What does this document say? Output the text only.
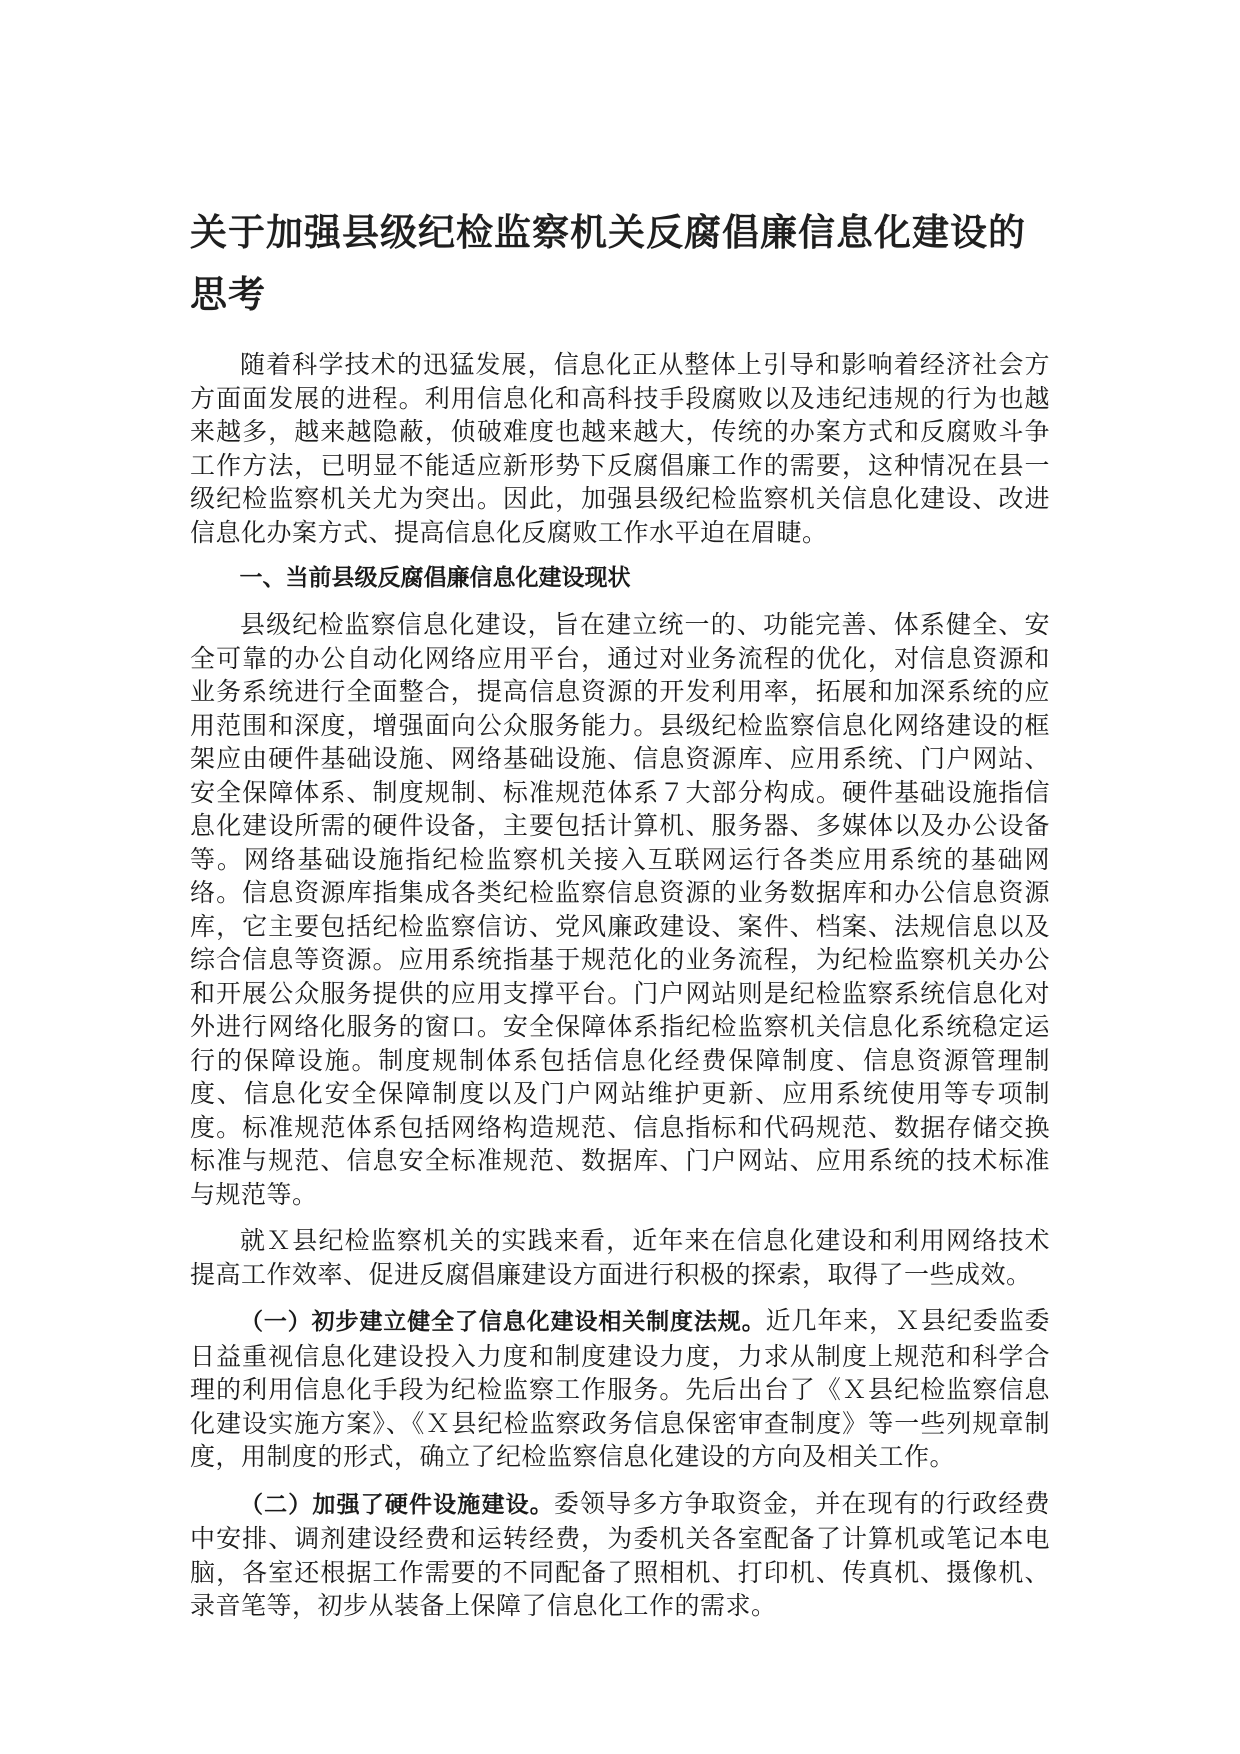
关于加强县级纪检监察机关反腐倡廉信息化建设的思考

随着科学技术的迅猛发展，信息化正从整体上引导和影响着经济社会方方面面发展的进程。利用信息化和高科技手段腐败以及违纪违规的行为也越来越多，越来越隐蔽，侦破难度也越来越大，传统的办案方式和反腐败斗争工作方法，已明显不能适应新形势下反腐倡廉工作的需要，这种情况在县一级纪检监察机关尤为突出。因此，加强县级纪检监察机关信息化建设、改进信息化办案方式、提高信息化反腐败工作水平迫在眉睫。

一、当前县级反腐倡廉信息化建设现状

县级纪检监察信息化建设，旨在建立统一的、功能完善、体系健全、安全可靠的办公自动化网络应用平台，通过对业务流程的优化，对信息资源和业务系统进行全面整合，提高信息资源的开发利用率，拓展和加深系统的应用范围和深度，增强面向公众服务能力。县级纪检监察信息化网络建设的框架应由硬件基础设施、网络基础设施、信息资源库、应用系统、门户网站、安全保障体系、制度规制、标准规范体系７大部分构成。硬件基础设施指信息化建设所需的硬件设备，主要包括计算机、服务器、多媒体以及办公设备等。网络基础设施指纪检监察机关接入互联网运行各类应用系统的基础网络。信息资源库指集成各类纪检监察信息资源的业务数据库和办公信息资源库，它主要包括纪检监察信访、党风廉政建设、案件、档案、法规信息以及综合信息等资源。应用系统指基于规范化的业务流程，为纪检监察机关办公和开展公众服务提供的应用支撑平台。门户网站则是纪检监察系统信息化对外进行网络化服务的窗口。安全保障体系指纪检监察机关信息化系统稳定运行的保障设施。制度规制体系包括信息化经费保障制度、信息资源管理制度、信息化安全保障制度以及门户网站维护更新、应用系统使用等专项制度。标准规范体系包括网络构造规范、信息指标和代码规范、数据存储交换标准与规范、信息安全标准规范、数据库、门户网站、应用系统的技术标准与规范等。

就Ｘ县纪检监察机关的实践来看，近年来在信息化建设和利用网络技术提高工作效率、促进反腐倡廉建设方面进行积极的探索，取得了一些成效。

（一）初步建立健全了信息化建设相关制度法规。近几年来，Ｘ县纪委监委日益重视信息化建设投入力度和制度建设力度，力求从制度上规范和科学合理的利用信息化手段为纪检监察工作服务。先后出台了《Ｘ县纪检监察信息化建设实施方案》、《Ｘ县纪检监察政务信息保密审查制度》等一些列规章制度，用制度的形式，确立了纪检监察信息化建设的方向及相关工作。

（二）加强了硬件设施建设。委领导多方争取资金，并在现有的行政经费中安排、调剂建设经费和运转经费，为委机关各室配备了计算机或笔记本电脑，各室还根据工作需要的不同配备了照相机、打印机、传真机、摄像机、录音笔等，初步从装备上保障了信息化工作的需求。
